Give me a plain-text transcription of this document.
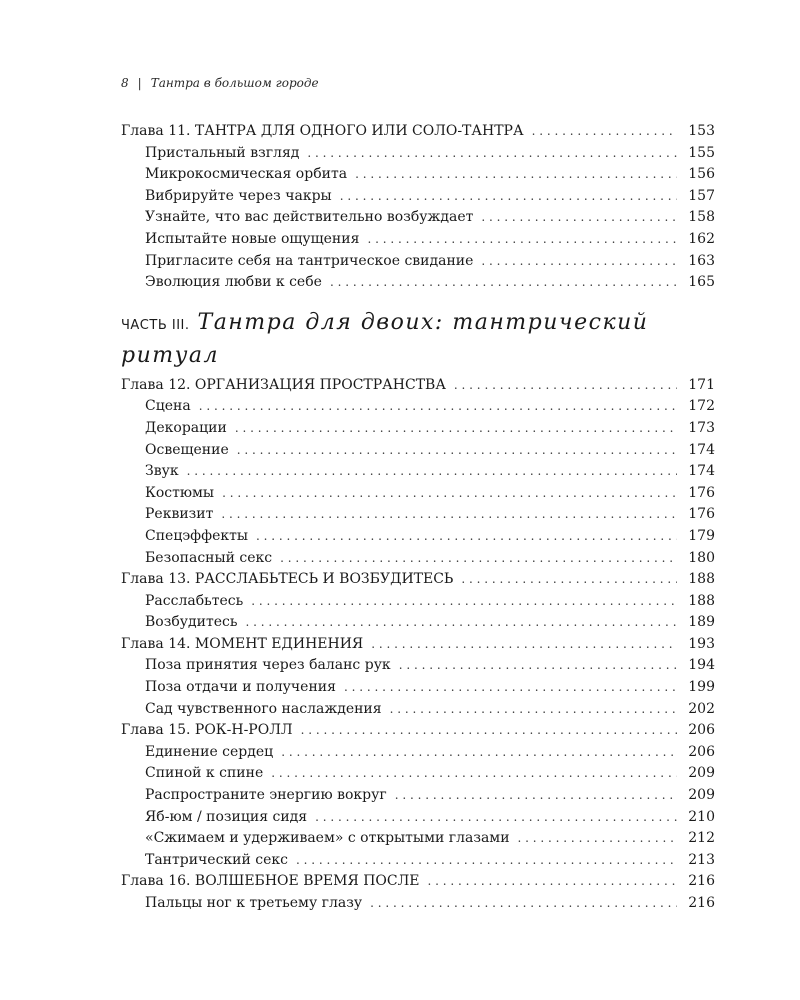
8 | Тантра в большом городе
Глава 11. ТАНТРА ДЛЯ ОДНОГО ИЛИ СОЛО-ТАНТРА . . .	153
Пристальный взгляд . . .	155
Микрокосмическая орбита . . .	156
Вибрируйте через чакры . . .	157
Узнайте, что вас действительно возбуждает . . .	158
Испытайте новые ощущения . . .	162
Пригласите себя на тантрическое свидание . . .	163
Эволюция любви к себе . . .	165
ЧАСТЬ III. Тантра для двоих: тантрический ритуал
Глава 12. ОРГАНИЗАЦИЯ ПРОСТРАНСТВА . . .	171
Сцена . . .	172
Декорации . . .	173
Освещение . . .	174
Звук . . .	174
Костюмы . . .	176
Реквизит . . .	176
Спецэффекты . . .	179
Безопасный секс . . .	180
Глава 13. РАССЛАБЬТЕСЬ И ВОЗБУДИТЕСЬ . . .	188
Расслабьтесь . . .	188
Возбудитесь . . .	189
Глава 14. МОМЕНТ ЕДИНЕНИЯ . . .	193
Поза принятия через баланс рук . . .	194
Поза отдачи и получения . . .	199
Сад чувственного наслаждения . . .	202
Глава 15. РОК-Н-РОЛЛ . . .	206
Единение сердец . . .	206
Спиной к спине . . .	209
Распространите энергию вокруг . . .	209
Яб-юм / позиция сидя . . .	210
«Сжимаем и удерживаем» с открытыми глазами . . .	212
Тантрический секс . . .	213
Глава 16. ВОЛШЕБНОЕ ВРЕМЯ ПОСЛЕ . . .	216
Пальцы ног к третьему глазу . . .	216
